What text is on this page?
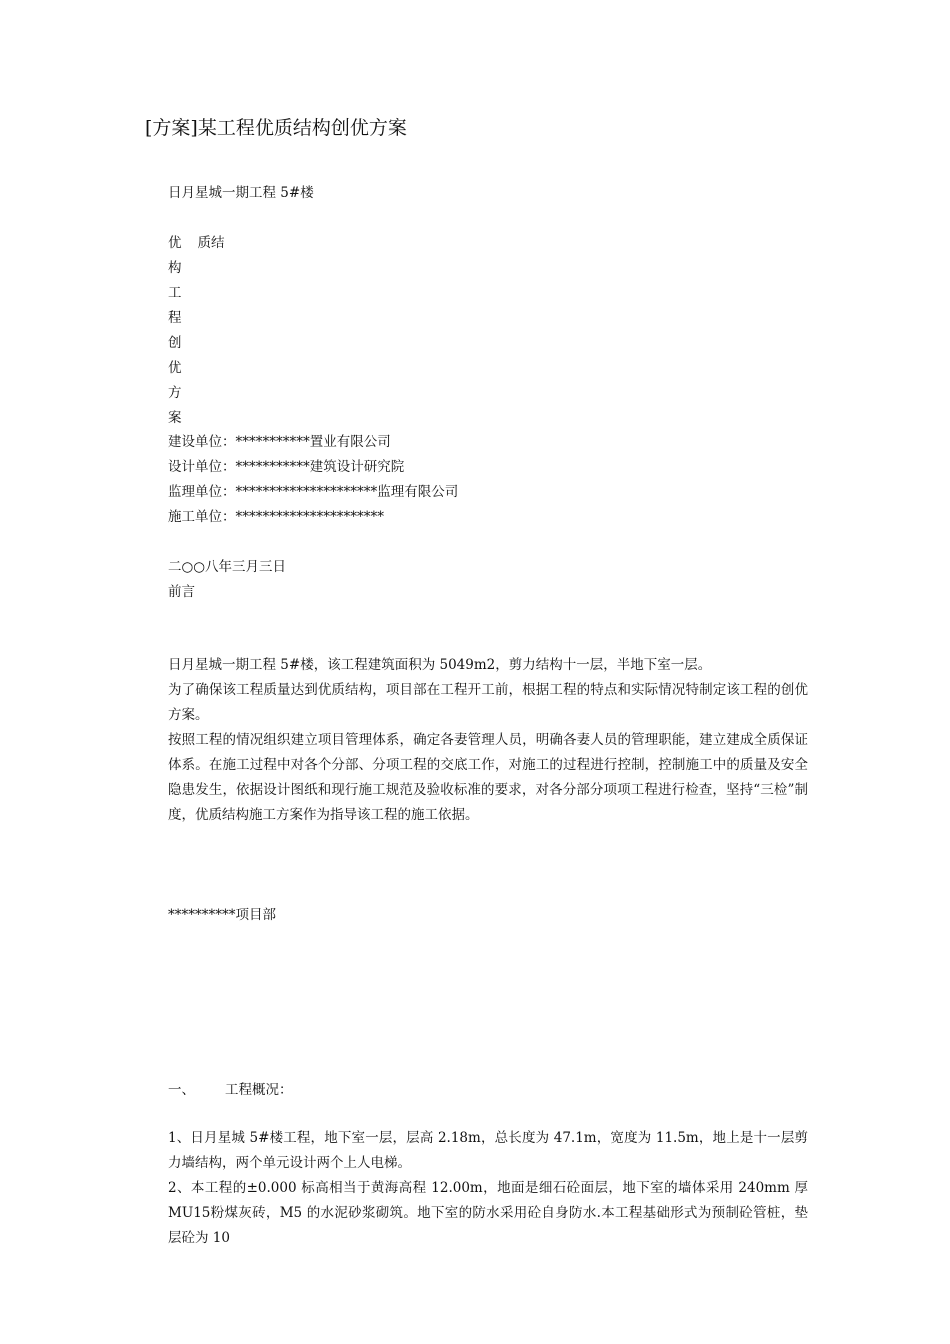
[方案]某工程优质结构创优方案
日月星城一期工程 5#楼
优 质结
构
工
程
创
优
方
案
建设单位：***********置业有限公司
设计单位：***********建筑设计研究院
监理单位：*********************监理有限公司
施工单位：**********************
二○○八年三月三日
前言
日月星城一期工程 5#楼，该工程建筑面积为 5049m2，剪力结构十一层，半地下室一层。
为了确保该工程质量达到优质结构，项目部在工程开工前，根据工程的特点和实际情况特制定该工程的创优方案。
按照工程的情况组织建立项目管理体系，确定各妻管理人员，明确各妻人员的管理职能，建立建成全质保证体系。在施工过程中对各个分部、分项工程的交底工作，对施工的过程进行控制，控制施工中的质量及安全隐患发生，依据设计图纸和现行施工规范及验收标准的要求，对各分部分项项工程进行检查，坚持“三检”制度，优质结构施工方案作为指导该工程的施工依据。
**********项目部
一、 工程概况：
1、日月星城 5#楼工程，地下室一层，层高 2.18m，总长度为 47.1m，宽度为 11.5m，地上是十一层剪力墙结构，两个单元设计两个上人电梯。
2、本工程的±0.000 标高相当于黄海高程 12.00m，地面是细石砼面层，地下室的墙体采用 240mm 厚 MU15粉煤灰砖，M5 的水泥砂浆砌筑。地下室的防水采用砼自身防水.本工程基础形式为预制砼管桩，垫层砼为 10
